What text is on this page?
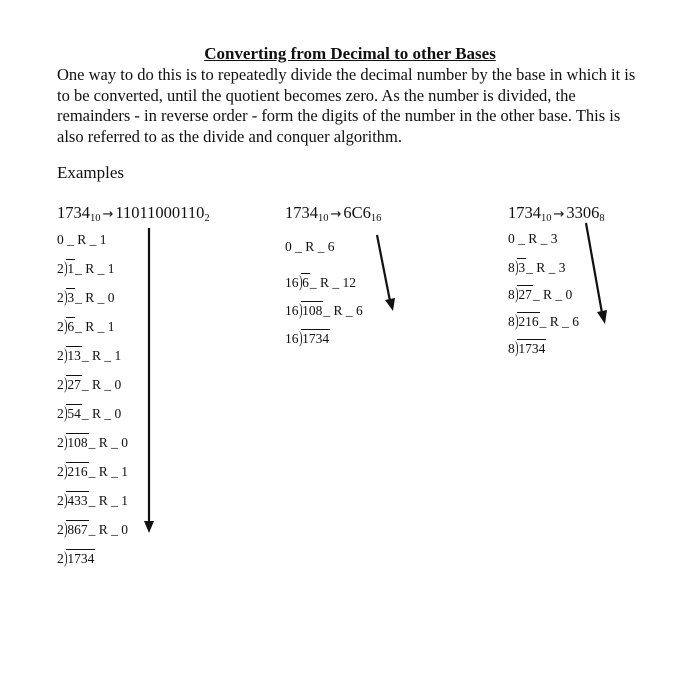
Converting from Decimal to other Bases
One way to do this is to repeatedly divide the decimal number by the base in which it is
to be converted, until the quotient becomes zero. As the number is divided, the
remainders - in reverse order - form the digits of the number in the other base. This is
also referred to as the divide and conquer algorithm.
Examples
$1734_{10} \to 11011000110_2$
0 _ R _ 1
2)1_ R _ 1
2)3_ R _ 0
2)6_ R _ 1
2)13_ R _ 1
2)27_ R _ 0
2)54_ R _ 0
2)108_ R _ 0
2)216_ R _ 1
2)433_ R _ 1
2)867_ R _ 0
2)1734
$1734_{10} \to 6C6_{16}$
0 _ R _ 6
16)6_ R _ 12
16)108_ R _ 6
16)1734
$1734_{10} \to 3306_8$
0 _ R _ 3
8)3_ R _ 3
8)27_ R _ 0
8)216_ R _ 6
8)1734
